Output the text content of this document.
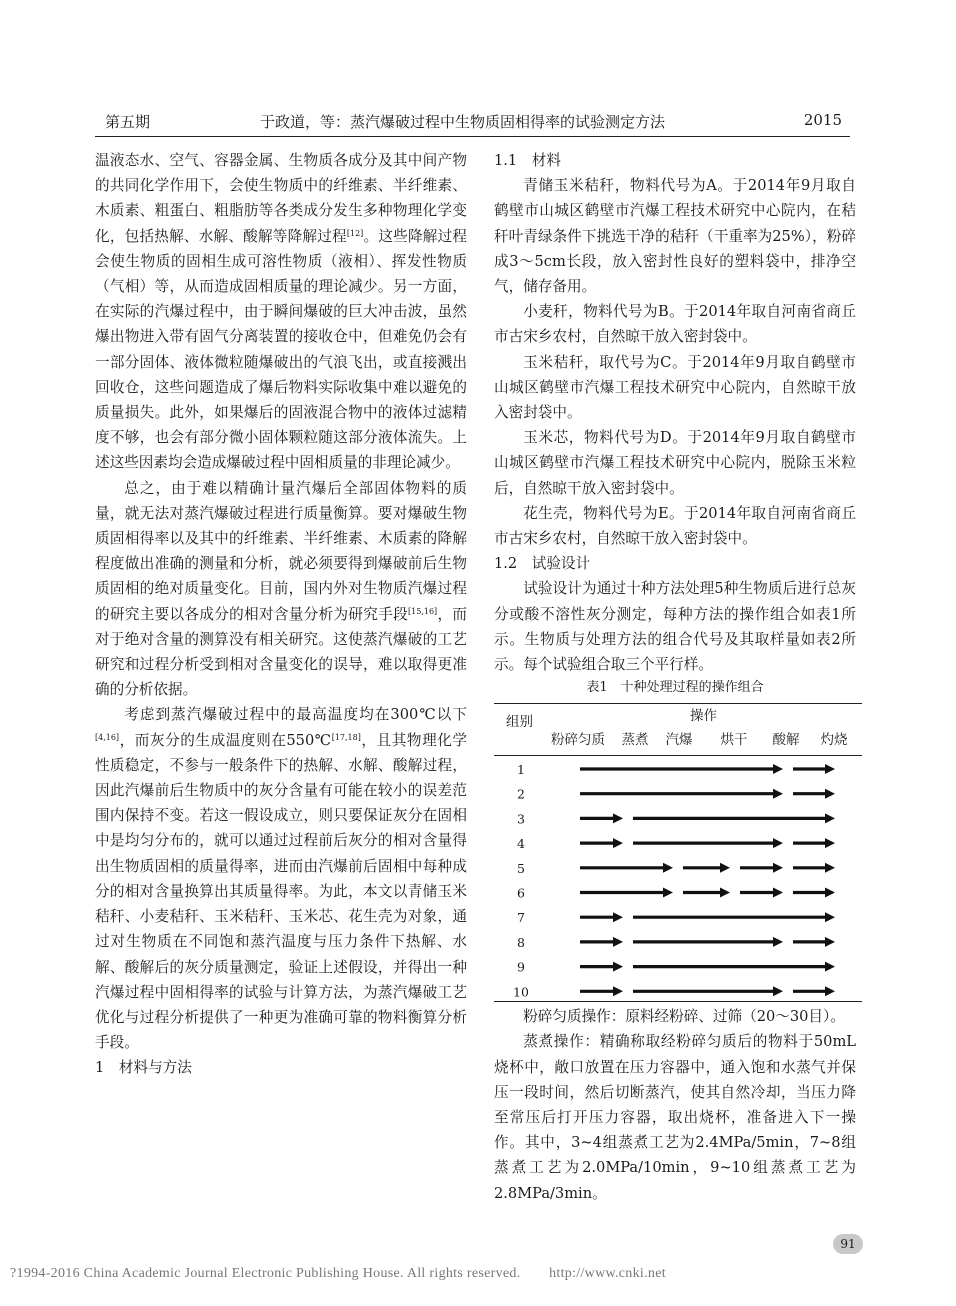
第五期	于政道，等：蒸汽爆破过程中生物质固相得率的试验测定方法	2015

温液态水、空气、容器金属、生物质各成分及其中间产物的共同化学作用下，会使生物质中的纤维素、半纤维素、木质素、粗蛋白、粗脂肪等各类成分发生多种物理化学变化，包括热解、水解、酸解等降解过程[12]。这些降解过程会使生物质的固相生成可溶性物质（液相）、挥发性物质（气相）等，从而造成固相质量的理论减少。另一方面，在实际的汽爆过程中，由于瞬间爆破的巨大冲击波，虽然爆出物进入带有固气分离装置的接收仓中，但难免仍会有一部分固体、液体微粒随爆破出的气浪飞出，或直接溅出回收仓，这些问题造成了爆后物料实际收集中难以避免的质量损失。此外，如果爆后的固液混合物中的液体过滤精度不够，也会有部分微小固体颗粒随这部分液体流失。上述这些因素均会造成爆破过程中固相质量的非理论减少。

总之，由于难以精确计量汽爆后全部固体物料的质量，就无法对蒸汽爆破过程进行质量衡算。要对爆破生物质固相得率以及其中的纤维素、半纤维素、木质素的降解程度做出准确的测量和分析，就必须要得到爆破前后生物质固相的绝对质量变化。目前，国内外对生物质汽爆过程的研究主要以各成分的相对含量分析为研究手段[15,16]，而对于绝对含量的测算没有相关研究。这使蒸汽爆破的工艺研究和过程分析受到相对含量变化的误导，难以取得更准确的分析依据。

考虑到蒸汽爆破过程中的最高温度均在300℃以下[4,16]，而灰分的生成温度则在550℃[17,18]，且其物理化学性质稳定，不参与一般条件下的热解、水解、酸解过程，因此汽爆前后生物质中的灰分含量有可能在较小的误差范围内保持不变。若这一假设成立，则只要保证灰分在固相中是均匀分布的，就可以通过过程前后灰分的相对含量得出生物质固相的质量得率，进而由汽爆前后固相中每种成分的相对含量换算出其质量得率。为此，本文以青储玉米秸秆、小麦秸秆、玉米秸秆、玉米芯、花生壳为对象，通过对生物质在不同饱和蒸汽温度与压力条件下热解、水解、酸解后的灰分质量测定，验证上述假设，并得出一种汽爆过程中固相得率的试验与计算方法，为蒸汽爆破工艺优化与过程分析提供了一种更为准确可靠的物料衡算分析手段。

1　材料与方法

1.1　材料

青储玉米秸秆，物料代号为A。于2014年9月取自鹤壁市山城区鹤壁市汽爆工程技术研究中心院内，在秸秆叶青绿条件下挑选干净的秸秆（干重率为25%），粉碎成3～5cm长段，放入密封性良好的塑料袋中，排净空气，储存备用。

小麦秆，物料代号为B。于2014年取自河南省商丘市古宋乡农村，自然晾干放入密封袋中。

玉米秸秆，取代号为C。于2014年9月取自鹤壁市山城区鹤壁市汽爆工程技术研究中心院内，自然晾干放入密封袋中。

玉米芯，物料代号为D。于2014年9月取自鹤壁市山城区鹤壁市汽爆工程技术研究中心院内，脱除玉米粒后，自然晾干放入密封袋中。

花生壳，物料代号为E。于2014年取自河南省商丘市古宋乡农村，自然晾干放入密封袋中。

1.2　试验设计

试验设计为通过十种方法处理5种生物质后进行总灰分或酸不溶性灰分测定，每种方法的操作组合如表1所示。生物质与处理方法的组合代号及其取样量如表2所示。每个试验组合取三个平行样。

表1　十种处理过程的操作组合
组别	操作
粉碎匀质 蒸煮 汽爆 烘干 酸解 灼烧
1
2
3
4
5
6
7
8
9
10

粉碎匀质操作：原料经粉碎、过筛（20～30目）。

蒸煮操作：精确称取经粉碎匀质后的物料于50mL烧杯中，敞口放置在压力容器中，通入饱和水蒸气并保压一段时间，然后切断蒸汽，使其自然冷却，当压力降至常压后打开压力容器，取出烧杯，准备进入下一操作。其中，3~4组蒸煮工艺为2.4MPa/5min，7~8组蒸煮工艺为2.0MPa/10min，9~10组蒸煮工艺为2.8MPa/3min。

91
?1994-2016 China Academic Journal Electronic Publishing House. All rights reserved.　　http://www.cnki.net
